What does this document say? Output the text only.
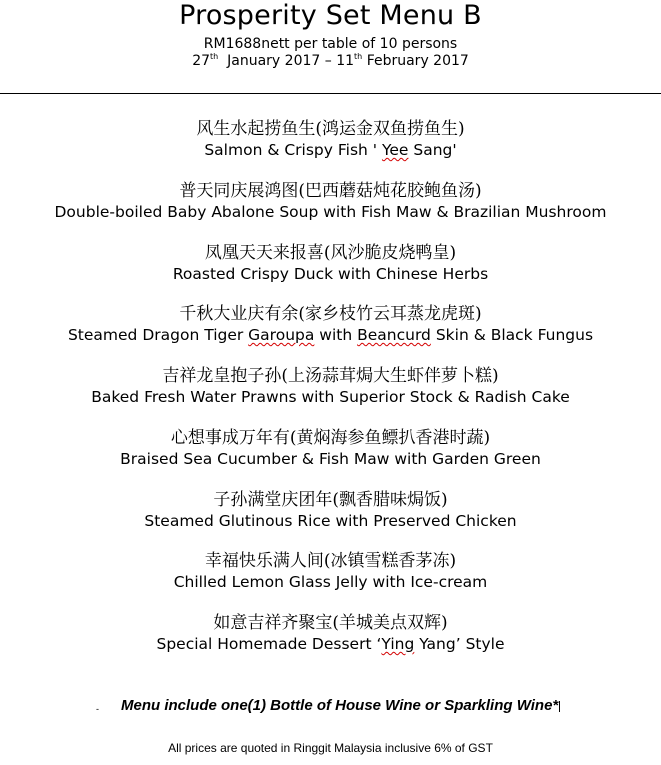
Prosperity Set Menu B
RM1688nett per table of 10 persons
27th January 2017 – 11th February 2017
风生水起捞鱼生(鸿运金双鱼捞鱼生)
Salmon & Crispy Fish ' Yee Sang'
普天同庆展鸿图(巴西蘑菇炖花胶鲍鱼汤)
Double-boiled Baby Abalone Soup with Fish Maw & Brazilian Mushroom
凤凰天天来报喜(风沙脆皮烧鸭皇)
Roasted Crispy Duck with Chinese Herbs
千秋大业庆有余(家乡枝竹云耳蒸龙虎斑)
Steamed Dragon Tiger Garoupa with Beancurd Skin & Black Fungus
吉祥龙皇抱子孙(上汤蒜茸焗大生虾伴萝卜糕)
Baked Fresh Water Prawns with Superior Stock & Radish Cake
心想事成万年有(黄焖海参鱼鳔扒香港时蔬)
Braised Sea Cucumber & Fish Maw with Garden Green
子孙满堂庆团年(飘香腊味焗饭)
Steamed Glutinous Rice with Preserved Chicken
幸福快乐满人间(冰镇雪糕香茅冻)
Chilled Lemon Glass Jelly with Ice-cream
如意吉祥齐聚宝(羊城美点双辉)
Special Homemade Dessert ‘Ying Yang’ Style
- Menu include one(1) Bottle of House Wine or Sparkling Wine*
All prices are quoted in Ringgit Malaysia inclusive 6% of GST
